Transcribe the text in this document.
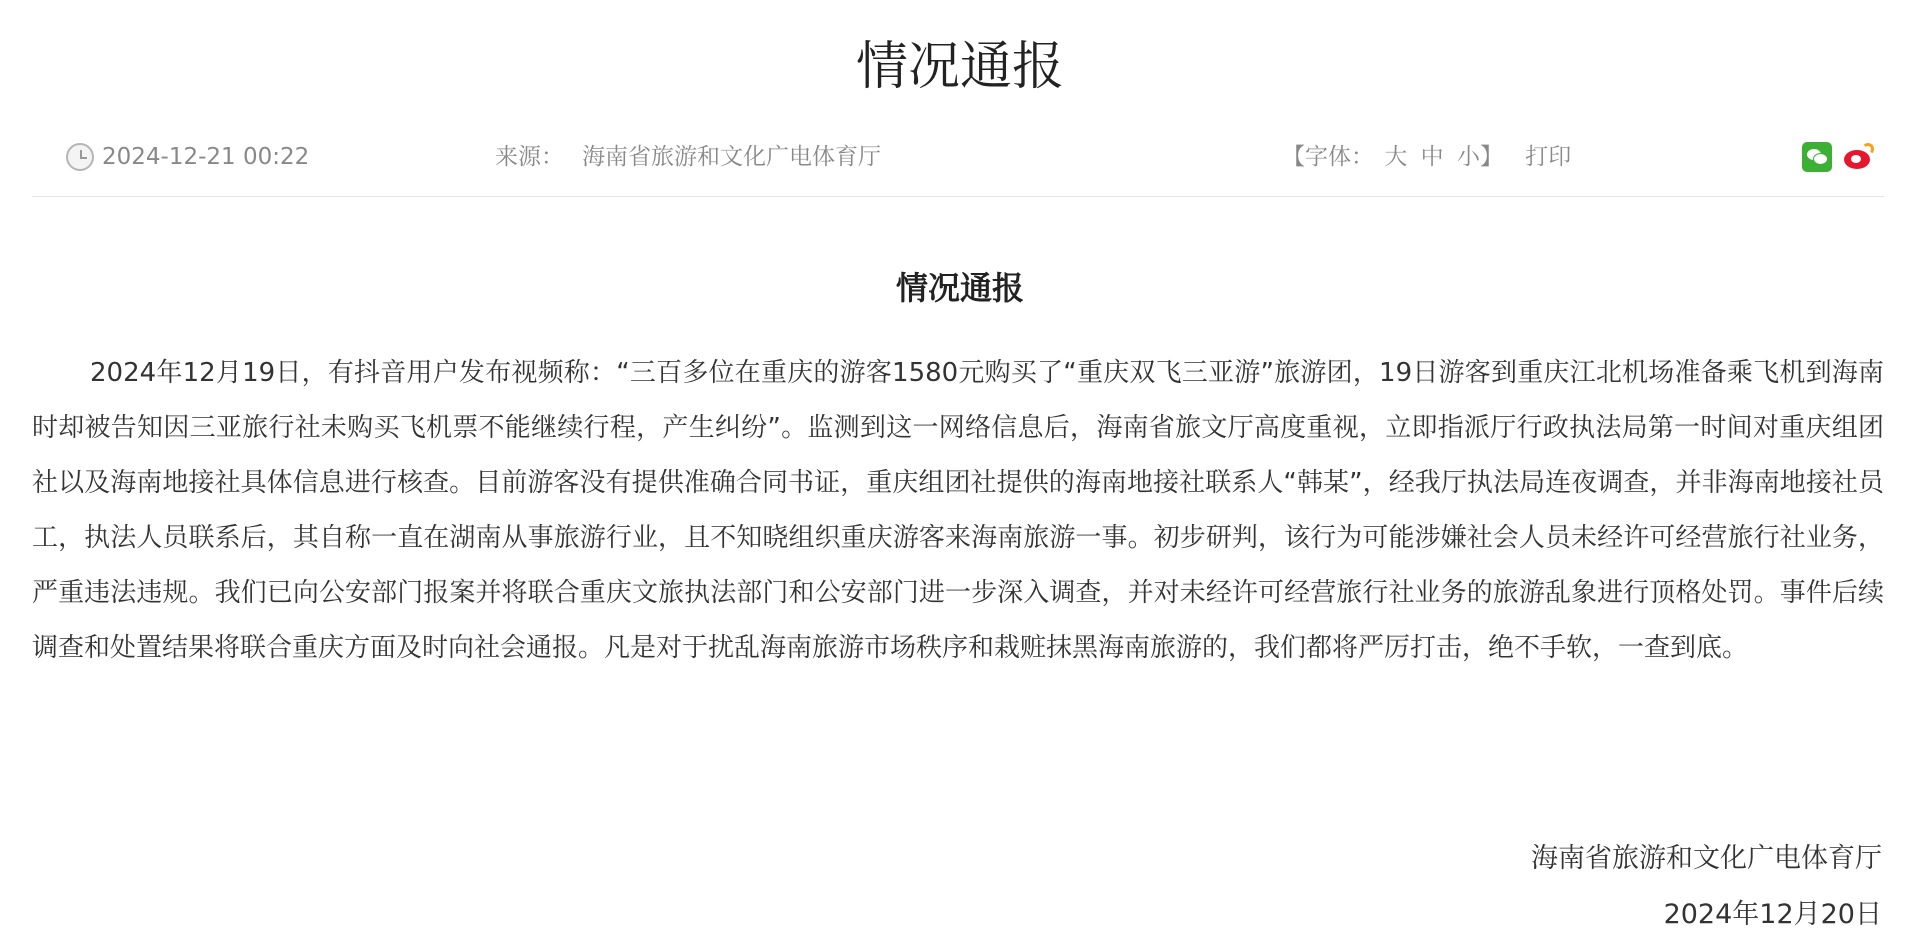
情况通报
2024-12-21 00:22	来源： 海南省旅游和文化广电体育厅	【字体： 大 中 小】 打印
情况通报

2024年12月19日，有抖音用户发布视频称：“三百多位在重庆的游客1580元购买了“重庆双飞三亚游”旅游团，19日游客到重庆江北机场准备乘飞机到海南时却被告知因三亚旅行社未购买飞机票不能继续行程，产生纠纷”。监测到这一网络信息后，海南省旅文厅高度重视，立即指派厅行政执法局第一时间对重庆组团社以及海南地接社具体信息进行核查。目前游客没有提供准确合同书证，重庆组团社提供的海南地接社联系人“韩某”，经我厅执法局连夜调查，并非海南地接社员工，执法人员联系后，其自称一直在湖南从事旅游行业，且不知晓组织重庆游客来海南旅游一事。初步研判，该行为可能涉嫌社会人员未经许可经营旅行社业务，严重违法违规。我们已向公安部门报案并将联合重庆文旅执法部门和公安部门进一步深入调查，并对未经许可经营旅行社业务的旅游乱象进行顶格处罚。事件后续调查和处置结果将联合重庆方面及时向社会通报。凡是对于扰乱海南旅游市场秩序和栽赃抹黑海南旅游的，我们都将严厉打击，绝不手软，一查到底。

海南省旅游和文化广电体育厅
2024年12月20日
